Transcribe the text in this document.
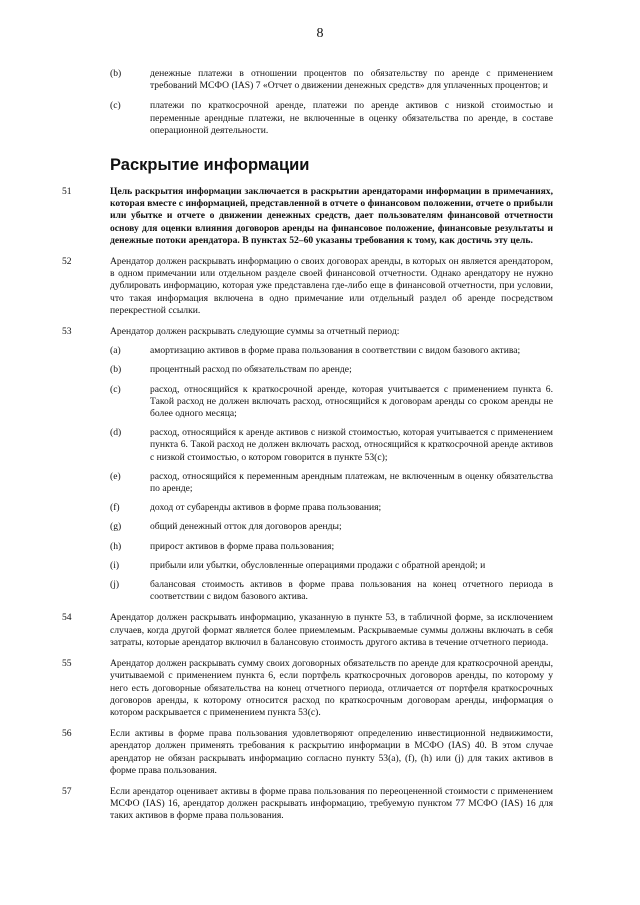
8
(b)	денежные платежи в отношении процентов по обязательству по аренде с применением требований МСФО (IAS) 7 «Отчет о движении денежных средств» для уплаченных процентов; и
(c)	платежи по краткосрочной аренде, платежи по аренде активов с низкой стоимостью и переменные арендные платежи, не включенные в оценку обязательства по аренде, в составе операционной деятельности.
Раскрытие информации
51	Цель раскрытия информации заключается в раскрытии арендаторами информации в примечаниях, которая вместе с информацией, представленной в отчете о финансовом положении, отчете о прибыли или убытке и отчете о движении денежных средств, дает пользователям финансовой отчетности основу для оценки влияния договоров аренды на финансовое положение, финансовые результаты и денежные потоки арендатора. В пунктах 52–60 указаны требования к тому, как достичь эту цель.
52	Арендатор должен раскрывать информацию о своих договорах аренды, в которых он является арендатором, в одном примечании или отдельном разделе своей финансовой отчетности. Однако арендатору не нужно дублировать информацию, которая уже представлена где-либо еще в финансовой отчетности, при условии, что такая информация включена в одно примечание или отдельный раздел об аренде посредством перекрестной ссылки.
53	Арендатор должен раскрывать следующие суммы за отчетный период:
(a)	амортизацию активов в форме права пользования в соответствии с видом базового актива;
(b)	процентный расход по обязательствам по аренде;
(c)	расход, относящийся к краткосрочной аренде, которая учитывается с применением пункта 6. Такой расход не должен включать расход, относящийся к договорам аренды со сроком аренды не более одного месяца;
(d)	расход, относящийся к аренде активов с низкой стоимостью, которая учитывается с применением пункта 6. Такой расход не должен включать расход, относящийся к краткосрочной аренде активов с низкой стоимостью, о котором говорится в пункте 53(c);
(e)	расход, относящийся к переменным арендным платежам, не включенным в оценку обязательства по аренде;
(f)	доход от субаренды активов в форме права пользования;
(g)	общий денежный отток для договоров аренды;
(h)	прирост активов в форме права пользования;
(i)	прибыли или убытки, обусловленные операциями продажи с обратной арендой; и
(j)	балансовая стоимость активов в форме права пользования на конец отчетного периода в соответствии с видом базового актива.
54	Арендатор должен раскрывать информацию, указанную в пункте 53, в табличной форме, за исключением случаев, когда другой формат является более приемлемым. Раскрываемые суммы должны включать в себя затраты, которые арендатор включил в балансовую стоимость другого актива в течение отчетного периода.
55	Арендатор должен раскрывать сумму своих договорных обязательств по аренде для краткосрочной аренды, учитываемой с применением пункта 6, если портфель краткосрочных договоров аренды, по которому у него есть договорные обязательства на конец отчетного периода, отличается от портфеля краткосрочных договоров аренды, к которому относится расход по краткосрочным договорам аренды, информация о котором раскрывается с применением пункта 53(c).
56	Если активы в форме права пользования удовлетворяют определению инвестиционной недвижимости, арендатор должен применять требования к раскрытию информации в МСФО (IAS) 40. В этом случае арендатор не обязан раскрывать информацию согласно пункту 53(a), (f), (h) или (j) для таких активов в форме права пользования.
57	Если арендатор оценивает активы в форме права пользования по переоцененной стоимости с применением МСФО (IAS) 16, арендатор должен раскрывать информацию, требуемую пунктом 77 МСФО (IAS) 16 для таких активов в форме права пользования.
